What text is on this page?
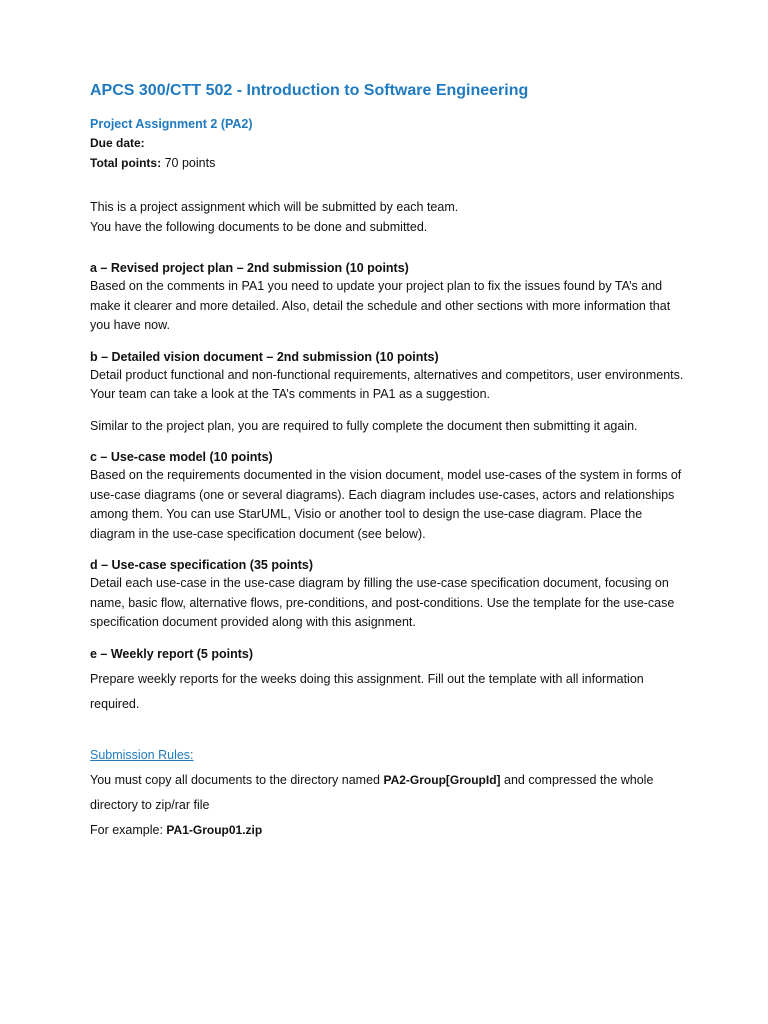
APCS 300/CTT 502 - Introduction to Software Engineering
Project Assignment 2 (PA2)
Due date:
Total points: 70 points
This is a project assignment which will be submitted by each team.
You have the following documents to be done and submitted.
a – Revised project plan – 2nd submission (10 points)
Based on the comments in PA1 you need to update your project plan to fix the issues found by TA’s and make it clearer and more detailed. Also, detail the schedule and other sections with more information that you have now.
b – Detailed vision document – 2nd submission (10 points)
Detail product functional and non-functional requirements, alternatives and competitors, user environments. Your team can take a look at the TA’s comments in PA1 as a suggestion.
Similar to the project plan, you are required to fully complete the document then submitting it again.
c – Use-case model (10 points)
Based on the requirements documented in the vision document, model use-cases of the system in forms of use-case diagrams (one or several diagrams). Each diagram includes use-cases, actors and relationships among them. You can use StarUML, Visio or another tool to design the use-case diagram. Place the diagram in the use-case specification document (see below).
d – Use-case specification (35 points)
Detail each use-case in the use-case diagram by filling the use-case specification document, focusing on name, basic flow, alternative flows, pre-conditions, and post-conditions. Use the template for the use-case specification document provided along with this asignment.
e – Weekly report (5 points)
Prepare weekly reports for the weeks doing this assignment. Fill out the template with all information required.
Submission Rules:
You must copy all documents to the directory named PA2-Group[GroupId] and compressed the whole directory to zip/rar file
For example: PA1-Group01.zip
